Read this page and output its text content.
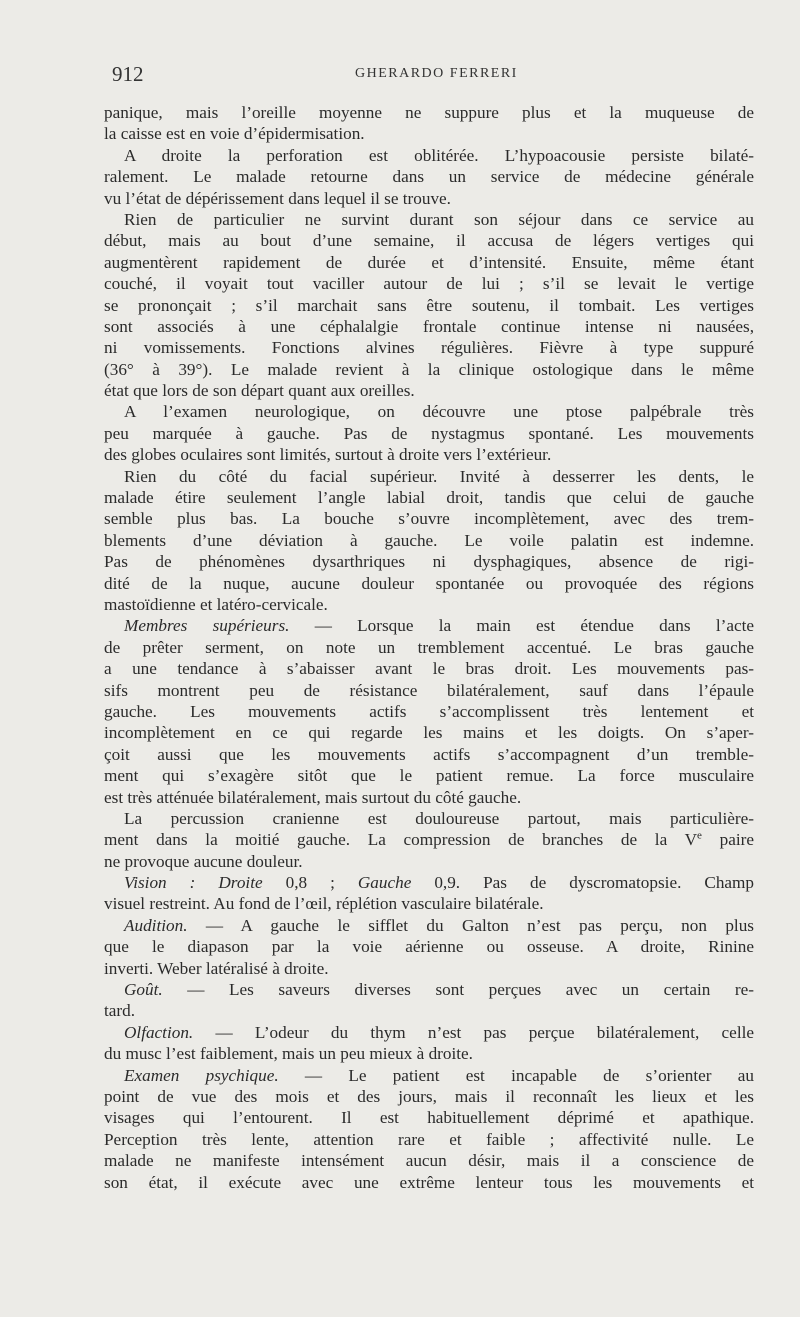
912	GHERARDO FERRERI
panique, mais l’oreille moyenne ne suppure plus et la muqueuse de
la caisse est en voie d’épidermisation.
A droite la perforation est oblitérée. L’hypoacousie persiste bilaté-
ralement. Le malade retourne dans un service de médecine générale
vu l’état de dépérissement dans lequel il se trouve.
Rien de particulier ne survint durant son séjour dans ce service au
début, mais au bout d’une semaine, il accusa de légers vertiges qui
augmentèrent rapidement de durée et d’intensité. Ensuite, même étant
couché, il voyait tout vaciller autour de lui ; s’il se levait le vertige
se prononçait ; s’il marchait sans être soutenu, il tombait. Les vertiges
sont associés à une céphalalgie frontale continue intense ni nausées,
ni vomissements. Fonctions alvines régulières. Fièvre à type suppuré
(36° à 39°). Le malade revient à la clinique ostologique dans le même
état que lors de son départ quant aux oreilles.
A l’examen neurologique, on découvre une ptose palpébrale très
peu marquée à gauche. Pas de nystagmus spontané. Les mouvements
des globes oculaires sont limités, surtout à droite vers l’extérieur.
Rien du côté du facial supérieur. Invité à desserrer les dents, le
malade étire seulement l’angle labial droit, tandis que celui de gauche
semble plus bas. La bouche s’ouvre incomplètement, avec des trem-
blements d’une déviation à gauche. Le voile palatin est indemne.
Pas de phénomènes dysarthriques ni dysphagiques, absence de rigi-
dité de la nuque, aucune douleur spontanée ou provoquée des régions
mastoïdienne et latéro-cervicale.
Membres supérieurs. — Lorsque la main est étendue dans l’acte
de prêter serment, on note un tremblement accentué. Le bras gauche
a une tendance à s’abaisser avant le bras droit. Les mouvements pas-
sifs montrent peu de résistance bilatéralement, sauf dans l’épaule
gauche. Les mouvements actifs s’accomplissent très lentement et
incomplètement en ce qui regarde les mains et les doigts. On s’aper-
çoit aussi que les mouvements actifs s’accompagnent d’un tremble-
ment qui s’exagère sitôt que le patient remue. La force musculaire
est très atténuée bilatéralement, mais surtout du côté gauche.
La percussion cranienne est douloureuse partout, mais particulière-
ment dans la moitié gauche. La compression de branches de la Ve paire
ne provoque aucune douleur.
Vision : Droite 0,8 ; Gauche 0,9. Pas de dyscromatopsie. Champ
visuel restreint. Au fond de l’œil, réplétion vasculaire bilatérale.
Audition. — A gauche le sifflet du Galton n’est pas perçu, non plus
que le diapason par la voie aérienne ou osseuse. A droite, Rinine
inverti. Weber latéralisé à droite.
Goût. — Les saveurs diverses sont perçues avec un certain re-
tard.
Olfaction. — L’odeur du thym n’est pas perçue bilatéralement, celle
du musc l’est faiblement, mais un peu mieux à droite.
Examen psychique. — Le patient est incapable de s’orienter au
point de vue des mois et des jours, mais il reconnaît les lieux et les
visages qui l’entourent. Il est habituellement déprimé et apathique.
Perception très lente, attention rare et faible ; affectivité nulle. Le
malade ne manifeste intensément aucun désir, mais il a conscience de
son état, il exécute avec une extrême lenteur tous les mouvements et
